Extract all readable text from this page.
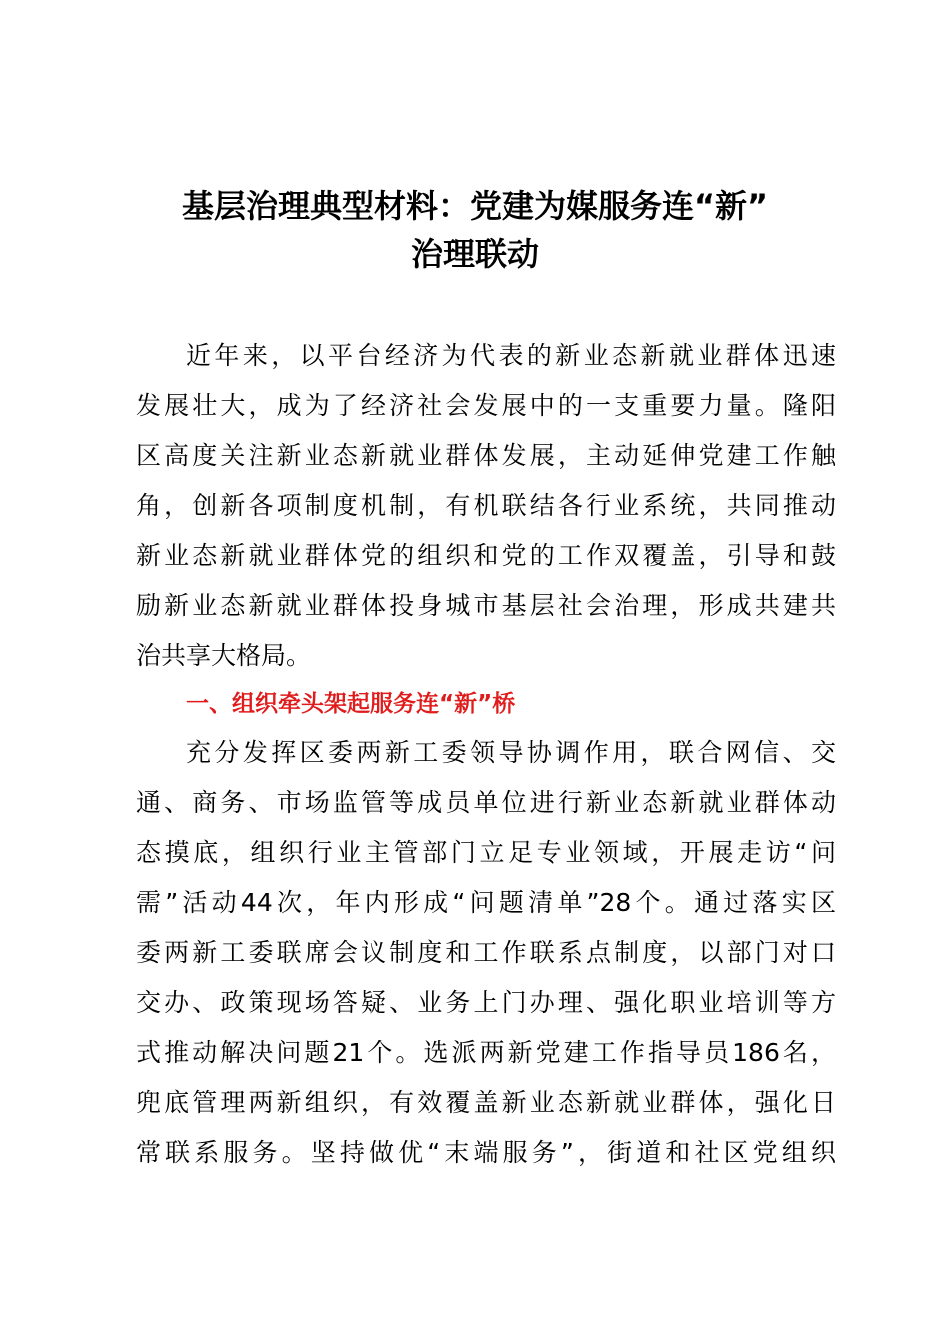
基层治理典型材料：党建为媒服务连“新”
治理联动

近年来，以平台经济为代表的新业态新就业群体迅速

发展壮大，成为了经济社会发展中的一支重要力量。隆阳

区高度关注新业态新就业群体发展，主动延伸党建工作触

角，创新各项制度机制，有机联结各行业系统，共同推动

新业态新就业群体党的组织和党的工作双覆盖，引导和鼓

励新业态新就业群体投身城市基层社会治理，形成共建共

治共享大格局。

一、组织牵头架起服务连“新”桥

充分发挥区委两新工委领导协调作用，联合网信、交

通、商务、市场监管等成员单位进行新业态新就业群体动

态摸底，组织行业主管部门立足专业领域，开展走访“问

需”活动44次，年内形成“问题清单”28个。通过落实区

委两新工委联席会议制度和工作联系点制度，以部门对口

交办、政策现场答疑、业务上门办理、强化职业培训等方

式推动解决问题21个。选派两新党建工作指导员186名，

兜底管理两新组织，有效覆盖新业态新就业群体，强化日

常联系服务。坚持做优“末端服务”，街道和社区党组织
